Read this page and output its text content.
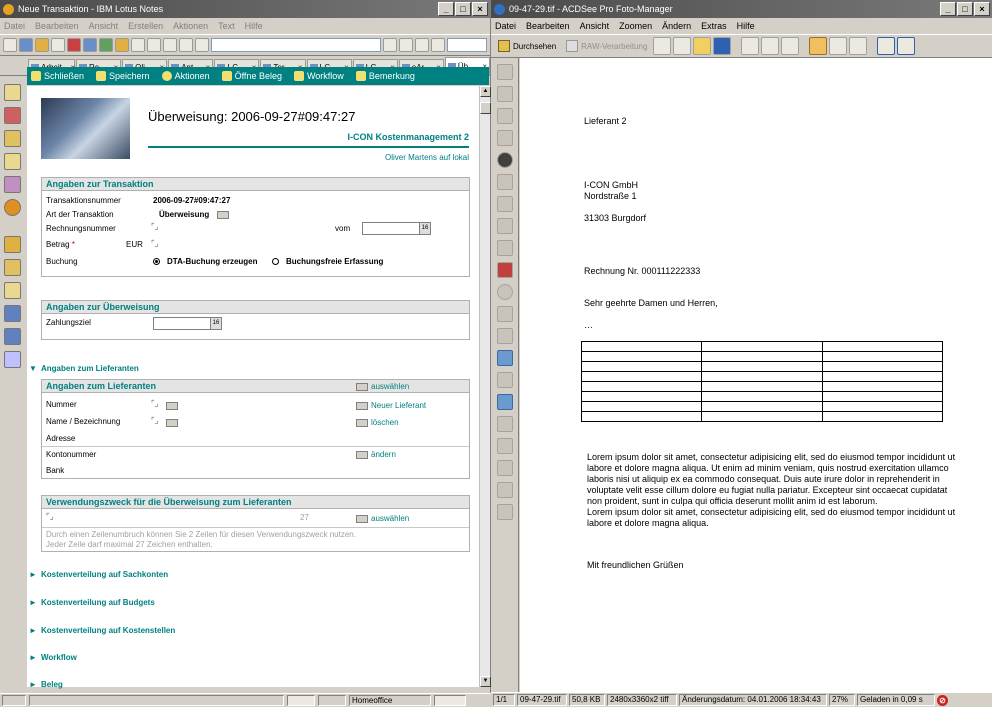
Neue Transaktion - IBM Lotus Notes	_	□	×
Datei Bearbeiten Ansicht Erstellen Aktionen Text Hilfe
Schließen	Speichern	Aktionen	Öffne Beleg	Workflow	Bemerkung
Überweisung: 2006-09-27#09:47:27
I-CON Kostenmanagement 2
Oliver Martens auf lokal
Angaben zur Transaktion
Transaktionsnummer	2006-09-27#09:47:27
Art der Transaktion	Überweisung
Rechnungsnummer	⌜⌟	vom	16
Betrag *	EUR ⌜⌟
Buchung	DTA-Buchung erzeugen	Buchungsfreie Erfassung
Angaben zur Überweisung
Zahlungsziel	16
▼ Angaben zum Lieferanten
Angaben zum Lieferanten	auswählen
Nummer	⌜⌟	Neuer Lieferant
Name / Bezeichnung	⌜⌟	löschen
Adresse
Kontonummer	ändern
Bank
Verwendungszweck für die Überweisung zum Lieferanten
⌜⌟	27	auswählen
Durch einen Zeilenumbruch können Sie 2 Zeilen für diesen Verwendungszweck nutzen.
Jeder Zeile darf maximal 27 Zeichen enthalten.
► Kostenverteilung auf Sachkonten
► Kostenverteilung auf Budgets
► Kostenverteilung auf Kostenstellen
► Workflow
► Beleg
▲
▼
Homeoffice
09-47-29.tif - ACDSee Pro Foto-Manager	_	□	×
Datei Bearbeiten Ansicht Zoomen Ändern Extras Hilfe
Durchsehen	RAW-Verarbeitung
Lieferant 2
I-CON GmbH
Nordstraße 1
31303 Burgdorf
Rechnung Nr. 000111222333
Sehr geehrte Damen und Herren,
…

Lorem ipsum dolor sit amet, consectetur adipisicing elit, sed do eiusmod tempor incididunt ut labore et dolore magna aliqua. Ut enim ad minim veniam, quis nostrud exercitation ullamco laboris nisi ut aliquip ex ea commodo consequat. Duis aute irure dolor in reprehenderit in voluptate velit esse cillum dolore eu fugiat nulla pariatur. Excepteur sint occaecat cupidatat non proident, sunt in culpa qui officia deserunt mollit anim id est laborum.
Lorem ipsum dolor sit amet, consectetur adipisicing elit, sed do eiusmod tempor incididunt ut labore et dolore magna aliqua.
Mit freundlichen Grüßen
1/1	09-47-29.tif	50,8 KB	2480x3360x2 tiff	Änderungsdatum: 04.01.2006 18:34:43	27%	Geladen in 0,09 s	⊘
